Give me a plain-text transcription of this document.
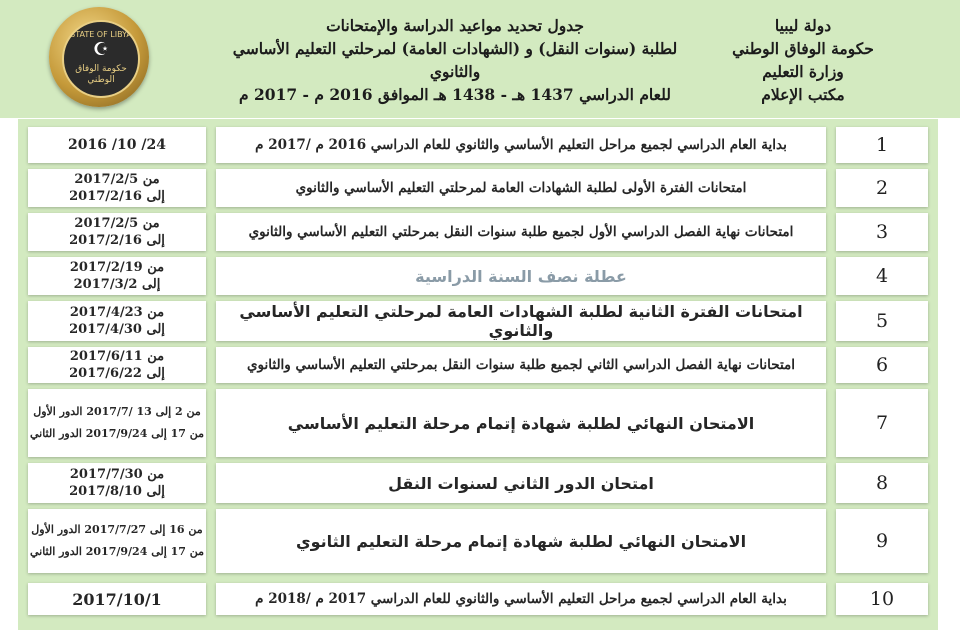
STATE OF LIBYA
☪
حكومة الوفاق الوطني
جدول تحديد مواعيد الدراسة والإمتحانات
لطلبة (سنوات النقل) و (الشهادات العامة) لمرحلتي التعليم الأساسي والثانوي
للعام الدراسي 1437 هـ - 1438 هـ الموافق 2016 م - 2017 م
دولة ليبيا
حكومة الوفاق الوطني
وزارة التعليم
مكتب الإعلام
1
بداية العام الدراسي لجميع مراحل التعليم الأساسي والثانوي للعام الدراسي 2016 م /2017 م
24/ 10/ 2016
2
امتحانات الفترة الأولى لطلبة الشهادات العامة لمرحلتي التعليم الأساسي والثانوي
من 2017/2/5
إلى 2017/2/16
3
امتحانات نهاية الفصل الدراسي الأول لجميع طلبة سنوات النقل بمرحلتي التعليم الأساسي والثانوي
من 2017/2/5
إلى 2017/2/16
4
عطلة نصف السنة الدراسية
من 2017/2/19
إلى 2017/3/2
5
امتحانات الفترة الثانية لطلبة الشهادات العامة لمرحلتي التعليم الأساسي والثانوي
من 2017/4/23
إلى 2017/4/30
6
امتحانات نهاية الفصل الدراسي الثاني لجميع طلبة سنوات النقل بمرحلتي التعليم الأساسي والثانوي
من 2017/6/11
إلى 2017/6/22
7
الامتحان النهائي لطلبة شهادة إتمام مرحلة التعليم الأساسي
من 2 إلى 13 /2017/7 الدور الأول
من 17 إلى 2017/9/24 الدور الثاني
8
امتحان الدور الثاني لسنوات النقل
من 2017/7/30
إلى 2017/8/10
9
الامتحان النهائي لطلبة شهادة إتمام مرحلة التعليم الثانوي
من 16 إلى 2017/7/27 الدور الأول
من 17 إلى 2017/9/24 الدور الثاني
10
بداية العام الدراسي لجميع مراحل التعليم الأساسي والثانوي للعام الدراسي 2017 م /2018 م
2017/10/1
